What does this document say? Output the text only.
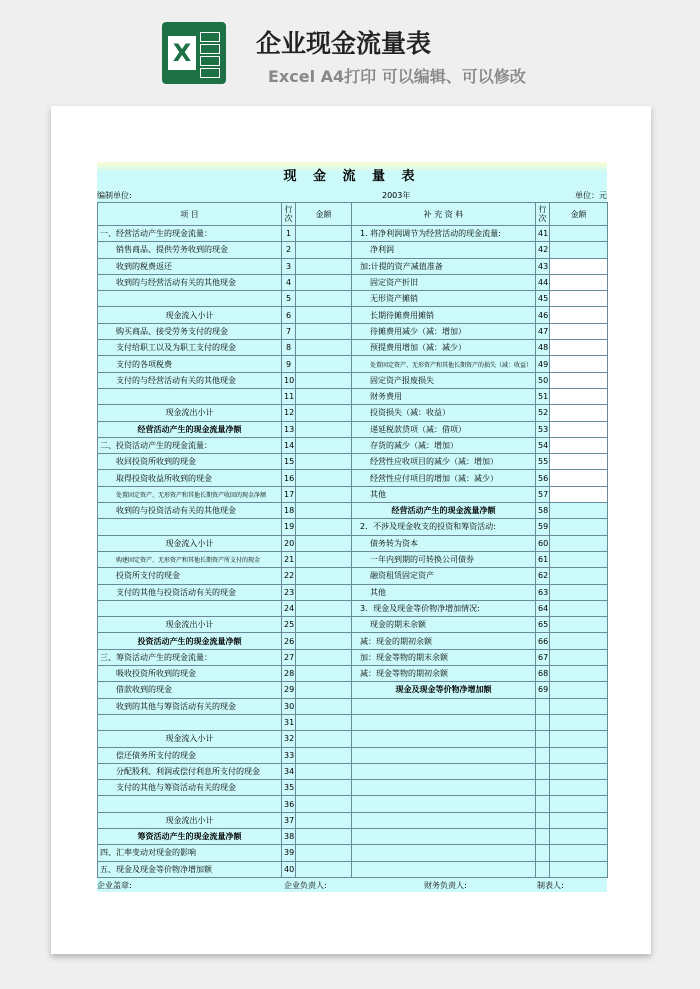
X	企业现金流量表
Excel A4打印 可以编辑、可以修改
现 金 流 量 表
编制单位:	2003年	单位：元
项 目	行次	金额	补 充 资 料	行次	金额
一、经营活动产生的现金流量：	1		1. 将净利润调节为经营活动的现金流量:	41	
销售商品、提供劳务收到的现金	2		净利润	42	
收到的税费返还	3		加:计提的资产减值准备	43	
收到的与经营活动有关的其他现金	4		固定资产折旧	44	
	5		无形资产摊销	45	
现金流入小计	6		长期待摊费用摊销	46	
购买商品、接受劳务支付的现金	7		待摊费用减少（减：增加）	47	
支付给职工以及为职工支付的现金	8		预提费用增加（减：减少）	48	
支付的各项税费	9		处置固定资产、无形资产和其他长期资产的损失（减：收益）	49	
支付的与经营活动有关的其他现金	10		固定资产报废损失	50	
	11		财务费用	51	
现金流出小计	12		投资损失（减：收益）	52	
经营活动产生的现金流量净额	13		递延税款贷项（减：借项）	53	
二、投资活动产生的现金流量：	14		存货的减少（减：增加）	54	
收回投资所收到的现金	15		经营性应收项目的减少（减：增加）	55	
取得投资收益所收到的现金	16		经营性应付项目的增加（减：减少）	56	
处置固定资产、无形资产和其他长期资产收回的现金净额	17		其他	57	
收到的与投资活动有关的其他现金	18		经营活动产生的现金流量净额	58	
	19		2．不涉及现金收支的投资和筹资活动:	59	
现金流入小计	20		债务转为资本	60	
购建固定资产、无形资产和其他长期资产所支付的现金	21		一年内到期的可转换公司债券	61	
投资所支付的现金	22		融资租赁固定资产	62	
支付的其他与投资活动有关的现金	23		其他	63	
	24		3．现金及现金等价物净增加情况:	64	
现金流出小计	25		现金的期末余额	65	
投资活动产生的现金流量净额	26		减：现金的期初余额	66	
三、筹资活动产生的现金流量：	27		加：现金等物的期末余额	67	
吸收投资所收到的现金	28		减：现金等物的期初余额	68	
借款收到的现金	29		现金及现金等价物净增加额	69	
收到的其他与筹资活动有关的现金	30				
	31				
现金流入小计	32				
偿还债务所支付的现金	33				
分配股利、利润或偿付利息所支付的现金	34				
支付的其他与筹资活动有关的现金	35				
	36				
现金流出小计	37				
筹资活动产生的现金流量净额	38				
四、汇率变动对现金的影响	39				
五、现金及现金等价物净增加额	40				
企业盖章:	企业负责人:	财务负责人:	制表人:
